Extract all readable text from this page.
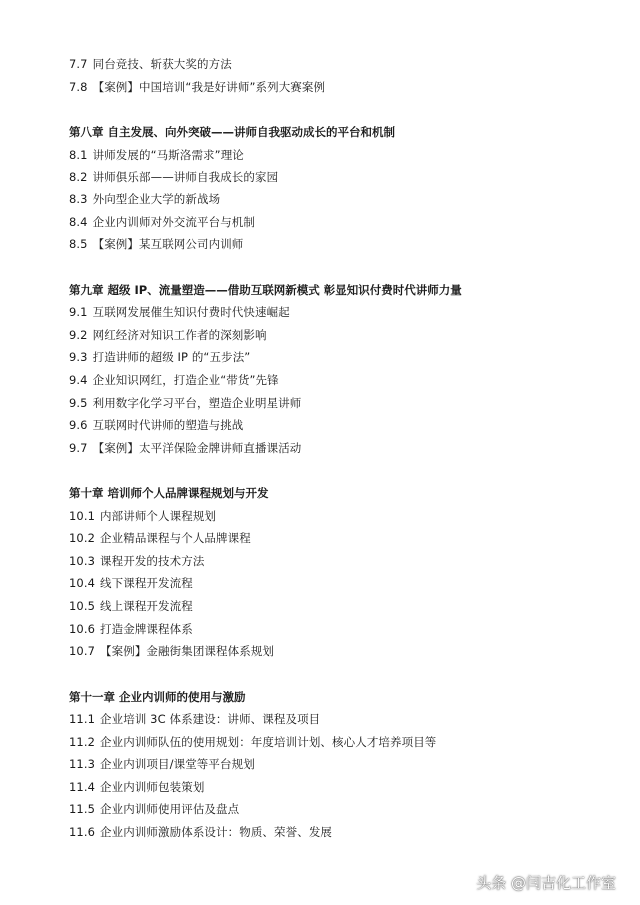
7.7 同台竞技、斩获大奖的方法
7.8 【案例】中国培训“我是好讲师”系列大赛案例
第八章 自主发展、向外突破——讲师自我驱动成长的平台和机制
8.1 讲师发展的“马斯洛需求”理论
8.2 讲师俱乐部——讲师自我成长的家园
8.3 外向型企业大学的新战场
8.4 企业内训师对外交流平台与机制
8.5 【案例】某互联网公司内训师
第九章 超级 IP、流量塑造——借助互联网新模式 彰显知识付费时代讲师力量
9.1 互联网发展催生知识付费时代快速崛起
9.2 网红经济对知识工作者的深刻影响
9.3 打造讲师的超级 IP 的“五步法”
9.4 企业知识网红，打造企业“带货”先锋
9.5 利用数字化学习平台，塑造企业明星讲师
9.6 互联网时代讲师的塑造与挑战
9.7 【案例】太平洋保险金牌讲师直播课活动
第十章 培训师个人品牌课程规划与开发
10.1 内部讲师个人课程规划
10.2 企业精品课程与个人品牌课程
10.3 课程开发的技术方法
10.4 线下课程开发流程
10.5 线上课程开发流程
10.6 打造金牌课程体系
10.7 【案例】金融街集团课程体系规划
第十一章 企业内训师的使用与激励
11.1 企业培训 3C 体系建设：讲师、课程及项目
11.2 企业内训师队伍的使用规划：年度培训计划、核心人才培养项目等
11.3 企业内训项目/课堂等平台规划
11.4 企业内训师包装策划
11.5 企业内训师使用评估及盘点
11.6 企业内训师激励体系设计：物质、荣誉、发展
头条 @闫吉化工作室
